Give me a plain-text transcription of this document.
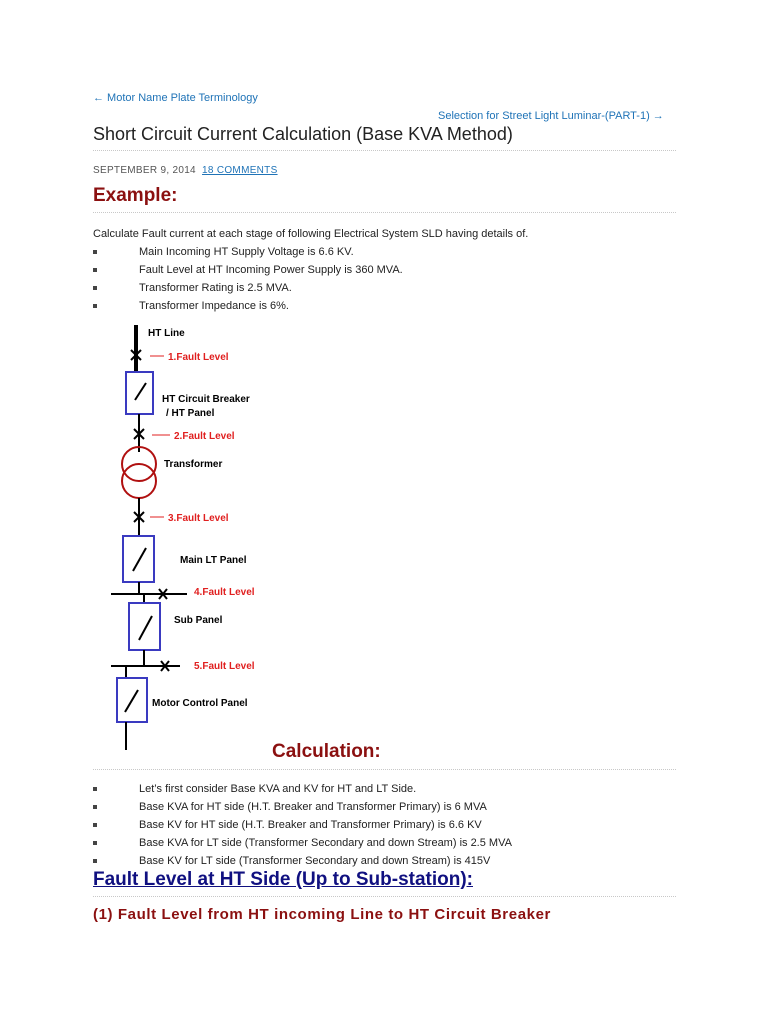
← Motor Name Plate Terminology
Selection for Street Light Luminar-(PART-1) →
Short Circuit Current Calculation (Base KVA Method)
SEPTEMBER 9, 2014 18 COMMENTS
Example:
Calculate Fault current at each stage of following Electrical System SLD having details of.
Main Incoming HT Supply Voltage is 6.6 KV.
Fault Level at HT Incoming Power Supply is 360 MVA.
Transformer Rating is 2.5 MVA.
Transformer Impedance is 6%.
HT Line
1.Fault Level
HT Circuit Breaker
/ HT Panel
2.Fault Level
Transformer
3.Fault Level
Main LT Panel
4.Fault Level
Sub Panel
5.Fault Level
Motor Control Panel
Calculation:
Let’s first consider Base KVA and KV for HT and LT Side.
Base KVA for HT side (H.T. Breaker and Transformer Primary) is 6 MVA
Base KV for HT side (H.T. Breaker and Transformer Primary) is 6.6 KV
Base KVA for LT side (Transformer Secondary and down Stream) is 2.5 MVA
Base KV for LT side (Transformer Secondary and down Stream) is 415V
Fault Level at HT Side (Up to Sub-station):
(1) Fault Level from HT incoming Line to HT Circuit Breaker
